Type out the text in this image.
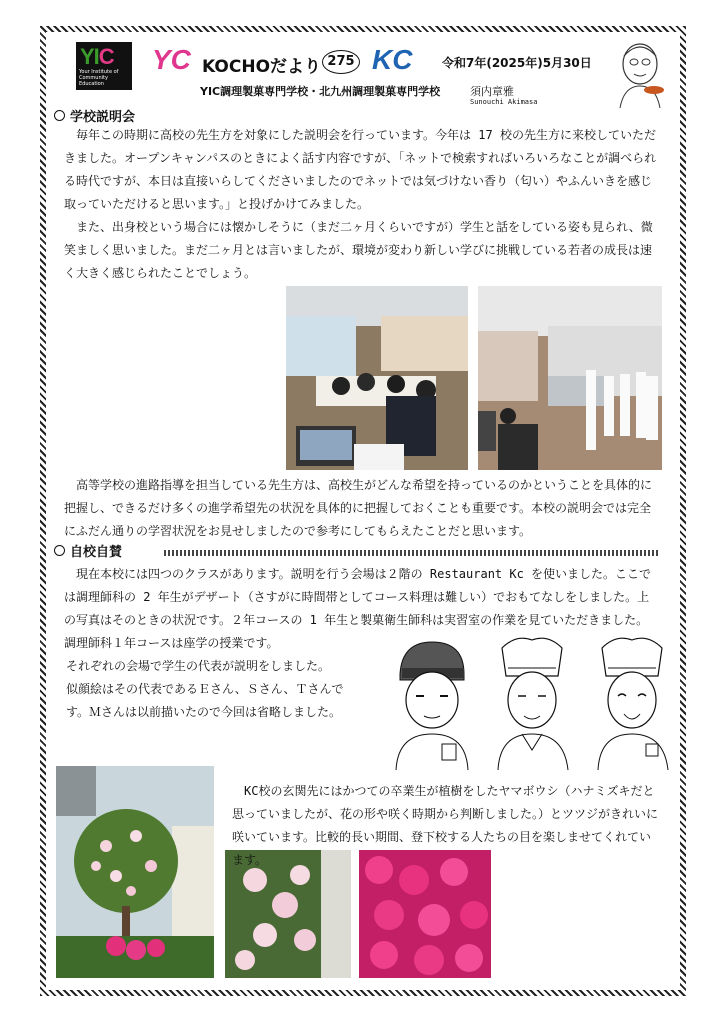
YIC
Your Institute of Community Education
YC KOCHOだより 275 KC 令和7年(2025年)5月30日
YIC調理製菓専門学校・北九州調理製菓専門学校	須内章雅
Sunouchi Akimasa
学校説明会
毎年この時期に高校の先生方を対象にした説明会を行っています。今年は 17 校の先生方に来校していただきました。オープンキャンパスのときによく話す内容ですが、「ネットで検索すればいろいろなことが調べられる時代ですが、本日は直接いらしてくださいましたのでネットでは気づけない香り（匂い）やふんいきを感じ取っていただけると思います。」と投げかけてみました。
また、出身校という場合には懐かしそうに（まだ二ヶ月くらいですが）学生と話をしている姿も見られ、微笑ましく思いました。まだ二ヶ月とは言いましたが、環境が変わり新しい学びに挑戦している若者の成長は速く大きく感じられたことでしょう。
高等学校の進路指導を担当している先生方は、高校生がどんな希望を持っているのかということを具体的に把握し、できるだけ多くの進学希望先の状況を具体的に把握しておくことも重要です。本校の説明会では完全にふだん通りの学習状況をお見せしましたので参考にしてもらえたことだと思います。
自校自賛
現在本校には四つのクラスがあります。説明を行う会場は２階の Restaurant Kc を使いました。ここでは調理師科の 2 年生がデザート（さすがに時間帯としてコース料理は難しい）でおもてなしをしました。上の写真はそのときの状況です。２年コースの 1 年生と製菓衛生師科は実習室の作業を見ていただきました。調理師科１年コースは座学の授業です。
それぞれの会場で学生の代表が説明をしました。
似顔絵はその代表であるＥさん、Ｓさん、Ｔさんです。Ｍさんは以前描いたので今回は省略しました。
KC校の玄関先にはかつての卒業生が植樹をしたヤマボウシ（ハナミズキだと思っていましたが、花の形や咲く時期から判断しました。）とツツジがきれいに咲いています。比較的長い期間、登下校する人たちの目を楽しませてくれています。
